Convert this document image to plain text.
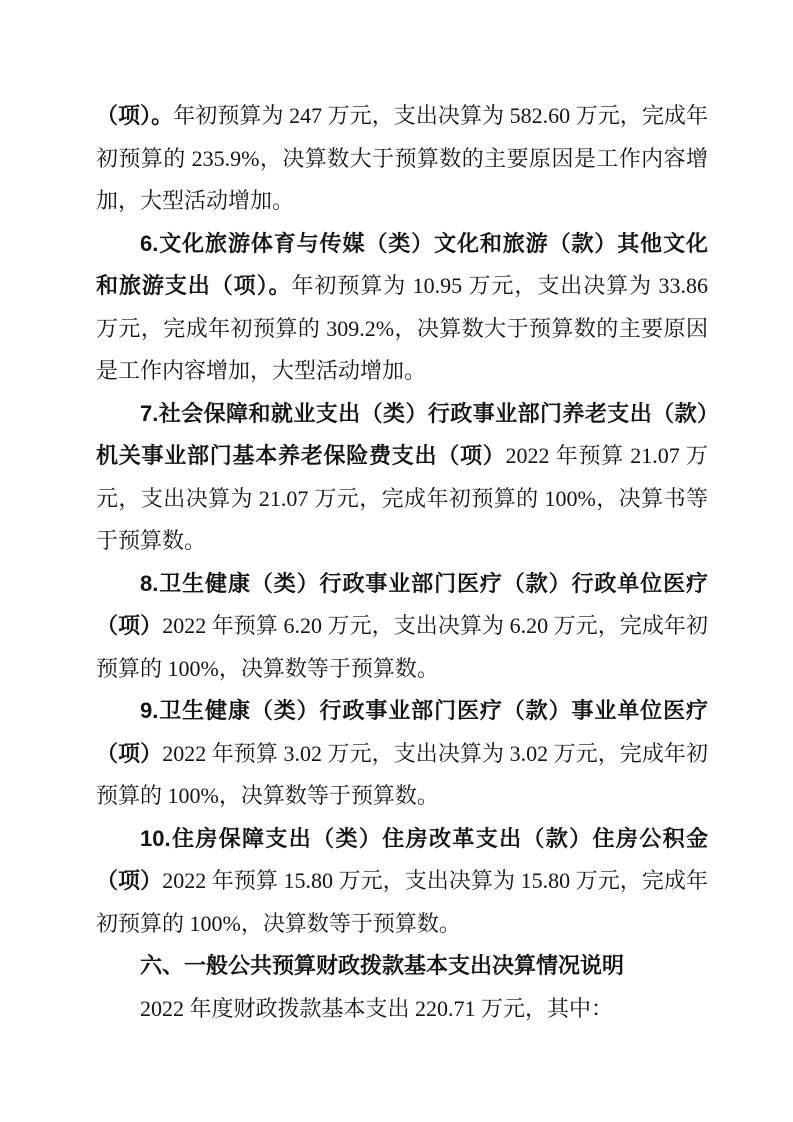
（项）。年初预算为 247 万元，支出决算为 582.60 万元，完成年初预算的 235.9%，决算数大于预算数的主要原因是工作内容增加，大型活动增加。

6.文化旅游体育与传媒（类）文化和旅游（款）其他文化和旅游支出（项）。年初预算为 10.95 万元，支出决算为 33.86 万元，完成年初预算的 309.2%，决算数大于预算数的主要原因是工作内容增加，大型活动增加。

7.社会保障和就业支出（类）行政事业部门养老支出（款）机关事业部门基本养老保险费支出（项）2022 年预算 21.07 万元，支出决算为 21.07 万元，完成年初预算的 100%，决算书等于预算数。

8.卫生健康（类）行政事业部门医疗（款）行政单位医疗（项）2022 年预算 6.20 万元，支出决算为 6.20 万元，完成年初预算的 100%，决算数等于预算数。

9.卫生健康（类）行政事业部门医疗（款）事业单位医疗（项）2022 年预算 3.02 万元，支出决算为 3.02 万元，完成年初预算的 100%，决算数等于预算数。

10.住房保障支出（类）住房改革支出（款）住房公积金（项）2022 年预算 15.80 万元，支出决算为 15.80 万元，完成年初预算的 100%，决算数等于预算数。

六、一般公共预算财政拨款基本支出决算情况说明

2022 年度财政拨款基本支出 220.71 万元，其中：
